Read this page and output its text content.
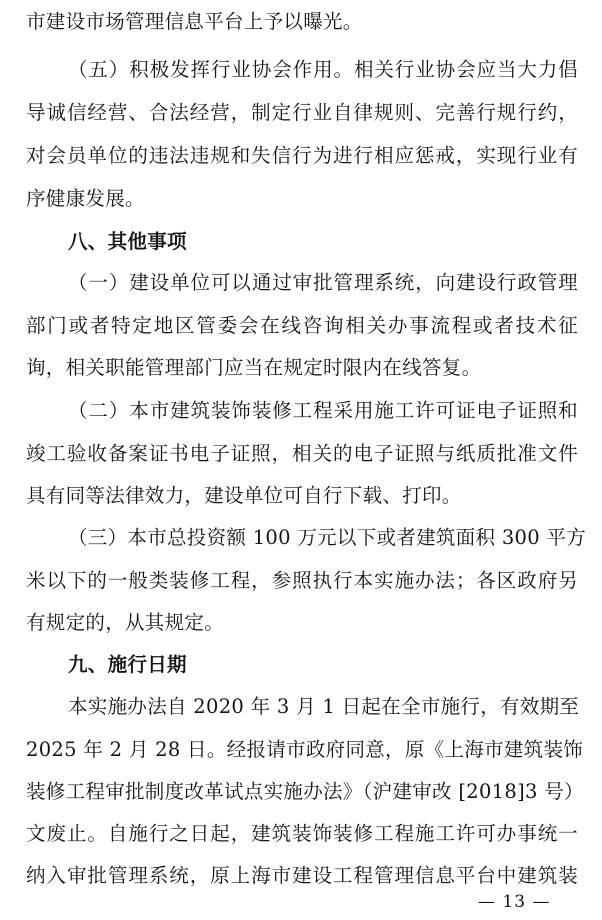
市建设市场管理信息平台上予以曝光。
（五）积极发挥行业协会作用。相关行业协会应当大力倡
导诚信经营、合法经营，制定行业自律规则、完善行规行约，
对会员单位的违法违规和失信行为进行相应惩戒，实现行业有
序健康发展。
八、其他事项
（一）建设单位可以通过审批管理系统，向建设行政管理
部门或者特定地区管委会在线咨询相关办事流程或者技术征
询，相关职能管理部门应当在规定时限内在线答复。
（二）本市建筑装饰装修工程采用施工许可证电子证照和
竣工验收备案证书电子证照，相关的电子证照与纸质批准文件
具有同等法律效力，建设单位可自行下载、打印。
（三）本市总投资额 100 万元以下或者建筑面积 300 平方
米以下的一般类装修工程，参照执行本实施办法；各区政府另
有规定的，从其规定。
九、施行日期
本实施办法自 2020 年 3 月 1 日起在全市施行，有效期至
2025 年 2 月 28 日。经报请市政府同意，原《上海市建筑装饰
装修工程审批制度改革试点实施办法》（沪建审改 [2018]3 号）
文废止。自施行之日起，建筑装饰装修工程施工许可办事统一
纳入审批管理系统，原上海市建设工程管理信息平台中建筑装
— 13 —
